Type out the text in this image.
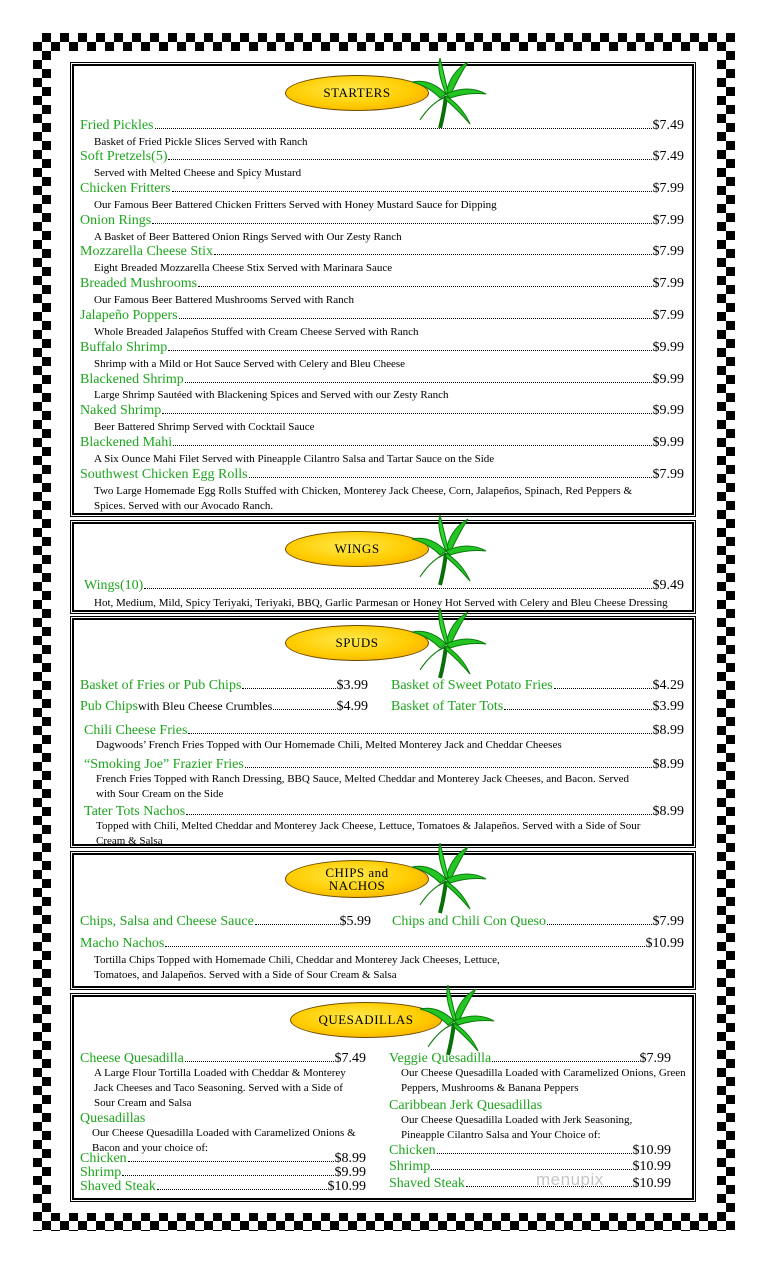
STARTERS
Fried Pickles	$7.49
Basket of Fried Pickle Slices Served with Ranch
Soft Pretzels (5)	$7.49
Served with Melted Cheese and Spicy Mustard
Chicken Fritters	$7.99
Our Famous Beer Battered Chicken Fritters Served with Honey Mustard Sauce for Dipping
Onion Rings	$7.99
A Basket of Beer Battered Onion Rings Served with Our Zesty Ranch
Mozzarella Cheese Stix	$7.99
Eight Breaded Mozzarella Cheese Stix Served with Marinara Sauce
Breaded Mushrooms	$7.99
Our Famous Beer Battered Mushrooms Served with Ranch
Jalapeño Poppers	$7.99
Whole Breaded Jalapeños Stuffed with Cream Cheese Served with Ranch
Buffalo Shrimp	$9.99
Shrimp with a Mild or Hot Sauce Served with Celery and Bleu Cheese
Blackened Shrimp	$9.99
Large Shrimp Sautéed with Blackening Spices and Served with our Zesty Ranch
Naked Shrimp	$9.99
Beer Battered Shrimp Served with Cocktail Sauce
Blackened Mahi	$9.99
A Six Ounce Mahi Filet Served with Pineapple Cilantro Salsa and Tartar Sauce on the Side
Southwest Chicken Egg Rolls	$7.99
Two Large Homemade Egg Rolls Stuffed with Chicken, Monterey Jack Cheese, Corn, Jalapeños, Spinach, Red Peppers & Spices. Served with our Avocado Ranch.
WINGS
Wings (10)	$9.49
Hot, Medium, Mild, Spicy Teriyaki, Teriyaki, BBQ, Garlic Parmesan or Honey Hot Served with Celery and Bleu Cheese Dressing
SPUDS
Basket of Fries or Pub Chips	$3.99 Basket of Sweet Potato Fries	$4.29
Pub Chips with Bleu Cheese Crumbles	$4.99 Basket of Tater Tots	$3.99
Chili Cheese Fries	$8.99
Dagwoods’ French Fries Topped with Our Homemade Chili, Melted Monterey Jack and Cheddar Cheeses
“Smoking Joe” Frazier Fries	$8.99
French Fries Topped with Ranch Dressing, BBQ Sauce, Melted Cheddar and Monterey Jack Cheeses, and Bacon. Served with Sour Cream on the Side
Tater Tots Nachos	$8.99
Topped with Chili, Melted Cheddar and Monterey Jack Cheese, Lettuce, Tomatoes & Jalapeños. Served with a Side of Sour Cream & Salsa
CHIPS and
NACHOS
Chips, Salsa and Cheese Sauce	$5.99 Chips and Chili Con Queso	$7.99
Macho Nachos	$10.99
Tortilla Chips Topped with Homemade Chili, Cheddar and Monterey Jack Cheeses, Lettuce, Tomatoes, and Jalapeños. Served with a Side of Sour Cream & Salsa
QUESADILLAS
Cheese Quesadilla	$7.49
A Large Flour Tortilla Loaded with Cheddar & Monterey Jack Cheeses and Taco Seasoning. Served with a Side of Sour Cream and Salsa
Quesadillas
Our Cheese Quesadilla Loaded with Caramelized Onions & Bacon and your choice of:
Chicken	$8.99
Shrimp	$9.99
Shaved Steak	$10.99
Veggie Quesadilla	$7.99
Our Cheese Quesadilla Loaded with Caramelized Onions, Green Peppers, Mushrooms & Banana Peppers
Caribbean Jerk Quesadillas
Our Cheese Quesadilla Loaded with Jerk Seasoning, Pineapple Cilantro Salsa and Your Choice of:
Chicken	$10.99
Shrimp	$10.99
Shaved Steak	$10.99
menupix
